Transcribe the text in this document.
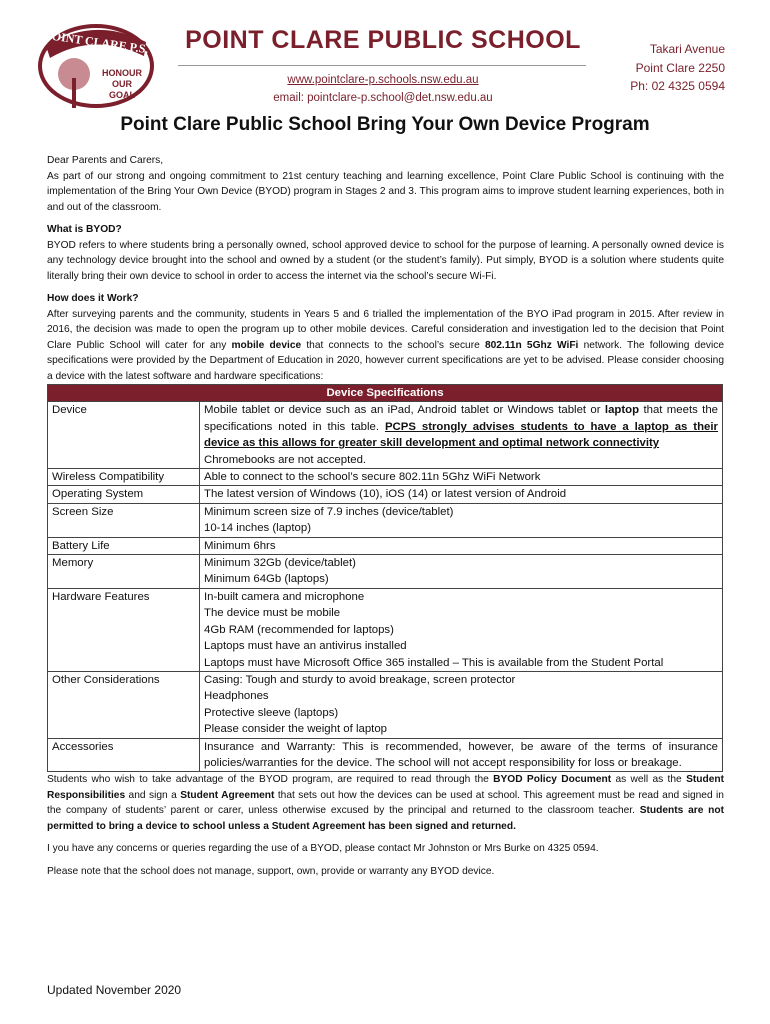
POINT CLARE P.S.
HONOUR
OUR
GOAL
POINT CLARE PUBLIC SCHOOL
www.pointclare-p.schools.nsw.edu.au
email: pointclare-p.school@det.nsw.edu.au
Takari Avenue
Point Clare 2250
Ph: 02 4325 0594
Point Clare Public School Bring Your Own Device Program

Dear Parents and Carers,

As part of our strong and ongoing commitment to 21st century teaching and learning excellence, Point Clare Public School is continuing with the implementation of the Bring Your Own Device (BYOD) program in Stages 2 and 3. This program aims to improve student learning experiences, both in and out of the classroom.

What is BYOD?

BYOD refers to where students bring a personally owned, school approved device to school for the purpose of learning. A personally owned device is any technology device brought into the school and owned by a student (or the student’s family). Put simply, BYOD is a solution where students quite literally bring their own device to school in order to access the internet via the school’s secure Wi-Fi.

How does it Work?

After surveying parents and the community, students in Years 5 and 6 trialled the implementation of the BYO iPad program in 2015. After review in 2016, the decision was made to open the program up to other mobile devices. Careful consideration and investigation led to the decision that Point Clare Public School will cater for any mobile device that connects to the school’s secure 802.11n 5Ghz WiFi network. The following device specifications were provided by the Department of Education in 2020, however current specifications are yet to be advised. Please consider choosing a device with the latest software and hardware specifications:

Device Specifications	
Device	Mobile tablet or device such as an iPad, Android tablet or Windows tablet or laptop that meets the specifications noted in this table. PCPS strongly advises students to have a laptop as their device as this allows for greater skill development and optimal network connectivity
Chromebooks are not accepted.
Wireless Compatibility	Able to connect to the school’s secure 802.11n 5Ghz WiFi Network

Operating System	The latest version of Windows (10), iOS (14) or latest version of Android

Screen Size	Minimum screen size of 7.9 inches (device/tablet)
10-14 inches (laptop)

Battery Life	Minimum 6hrs

Memory	Minimum 32Gb (device/tablet)
Minimum 64Gb (laptops)

Hardware Features	In-built camera and microphone
The device must be mobile
4Gb RAM (recommended for laptops)
Laptops must have an antivirus installed
Laptops must have Microsoft Office 365 installed – This is available from the Student Portal

Other Considerations	Casing: Tough and sturdy to avoid breakage, screen protector
Headphones
Protective sleeve (laptops)
Please consider the weight of laptop

Accessories	Insurance and Warranty: This is recommended, however, be aware of the terms of insurance policies/warranties for the device. The school will not accept responsibility for loss or breakage.

Students who wish to take advantage of the BYOD program, are required to read through the BYOD Policy Document as well as the Student Responsibilities and sign a Student Agreement that sets out how the devices can be used at school. This agreement must be read and signed in the company of students’ parent or carer, unless otherwise excused by the principal and returned to the classroom teacher. Students are not permitted to bring a device to school unless a Student Agreement has been signed and returned.

I you have any concerns or queries regarding the use of a BYOD, please contact Mr Johnston or Mrs Burke on 4325 0594.

Please note that the school does not manage, support, own, provide or warranty any BYOD device.

Updated November 2020
